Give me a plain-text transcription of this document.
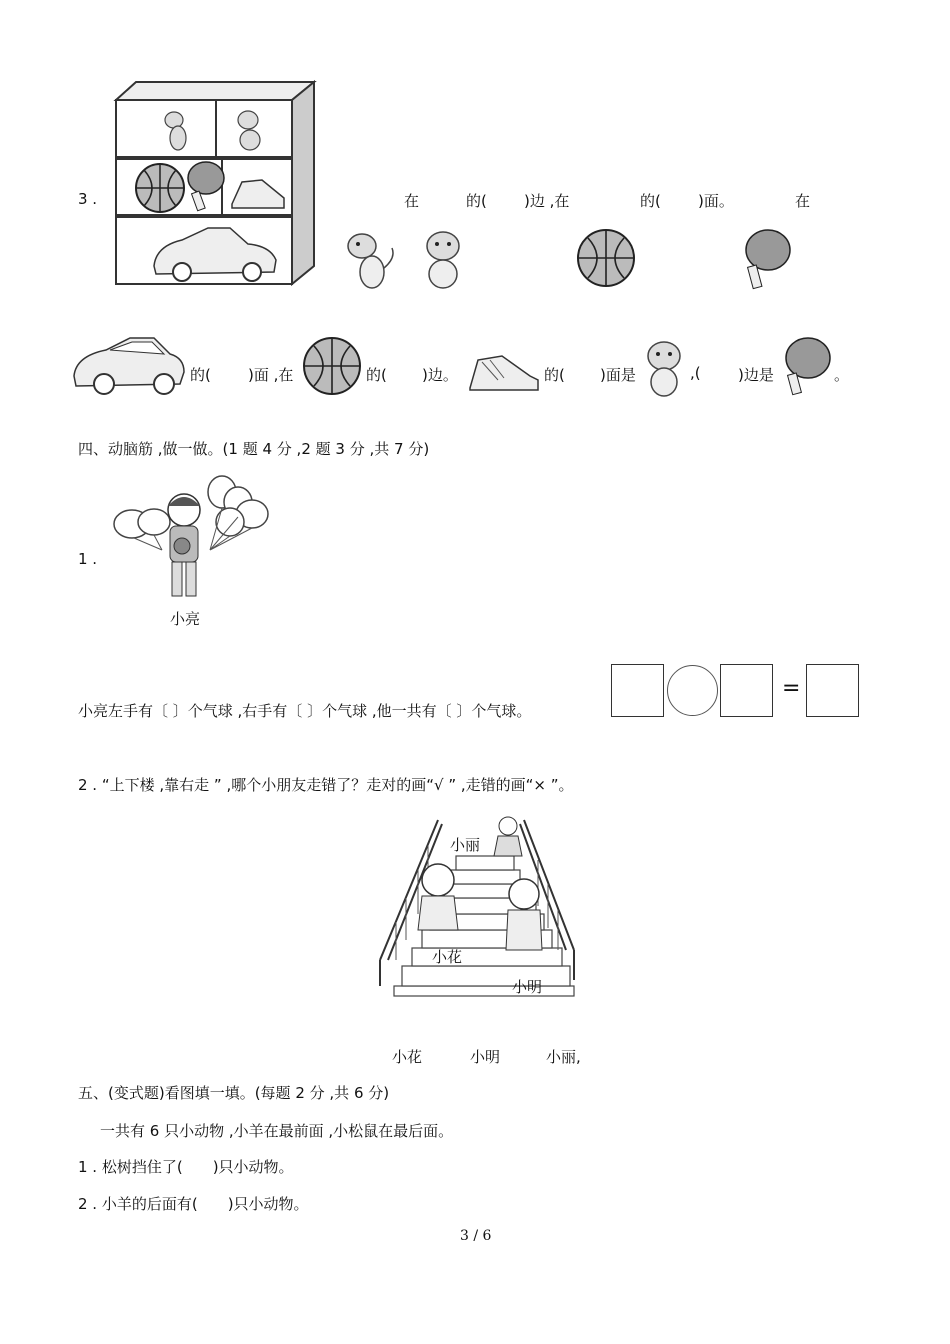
3 .	在	的( )边 ,在	的( )面。	在
的( )面 ,在	的( )边。	的( )面是	,( )边是	。
四、动脑筋 ,做一做。(1 题 4 分 ,2 题 3 分 ,共 7 分)
1 .
小亮
小亮左手有〔 〕个气球 ,右手有〔 〕个气球 ,他一共有〔 〕个气球。
=
2 . “上下楼 ,靠右走 ” ,哪个小朋友走错了？走对的画“√ ” ,走错的画“× ”。
小丽
小花
小明
小花	小明	小丽,
五、(变式题)看图填一填。(每题 2 分 ,共 6 分)
一共有 6 只小动物 ,小羊在最前面 ,小松鼠在最后面。
1 . 松树挡住了(　　)只小动物。
2 . 小羊的后面有(　　)只小动物。
3 / 6
